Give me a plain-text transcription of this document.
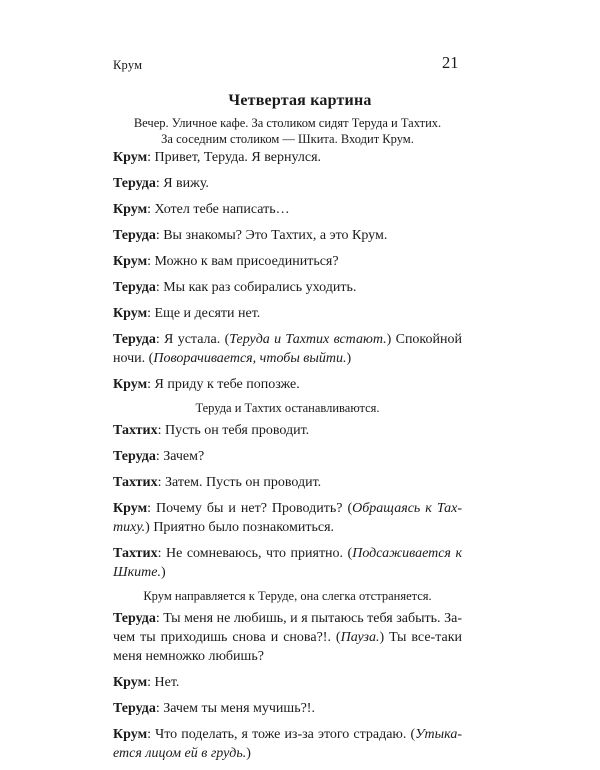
Крум	21
Четвертая картина
Вечер. Уличное кафе. За столиком сидят Теруда и Тахтих.
За соседним столиком — Шкита. Входит Крум.
Крум: Привет, Теруда. Я вернулся.
Теруда: Я вижу.
Крум: Хотел тебе написать…
Теруда: Вы знакомы? Это Тахтих, а это Крум.
Крум: Можно к вам присоединиться?
Теруда: Мы как раз собирались уходить.
Крум: Еще и десяти нет.
Теруда: Я устала. (Теруда и Тахтих встают.) Спокойной ночи. (Поворачивается, чтобы выйти.)
Крум: Я приду к тебе попозже.
Теруда и Тахтих останавливаются.
Тахтих: Пусть он тебя проводит.
Теруда: Зачем?
Тахтих: Затем. Пусть он проводит.
Крум: Почему бы и нет? Проводить? (Обращаясь к Тахтиху.) Приятно было познакомиться.
Тахтих: Не сомневаюсь, что приятно. (Подсаживается к Шките.)
Крум направляется к Теруде, она слегка отстраняется.
Теруда: Ты меня не любишь, и я пытаюсь тебя забыть. Зачем ты приходишь снова и снова?!. (Пауза.) Ты все-таки меня немножко любишь?
Крум: Нет.
Теруда: Зачем ты меня мучишь?!.
Крум: Что поделать, я тоже из-за этого страдаю. (Утыкается лицом ей в грудь.)
